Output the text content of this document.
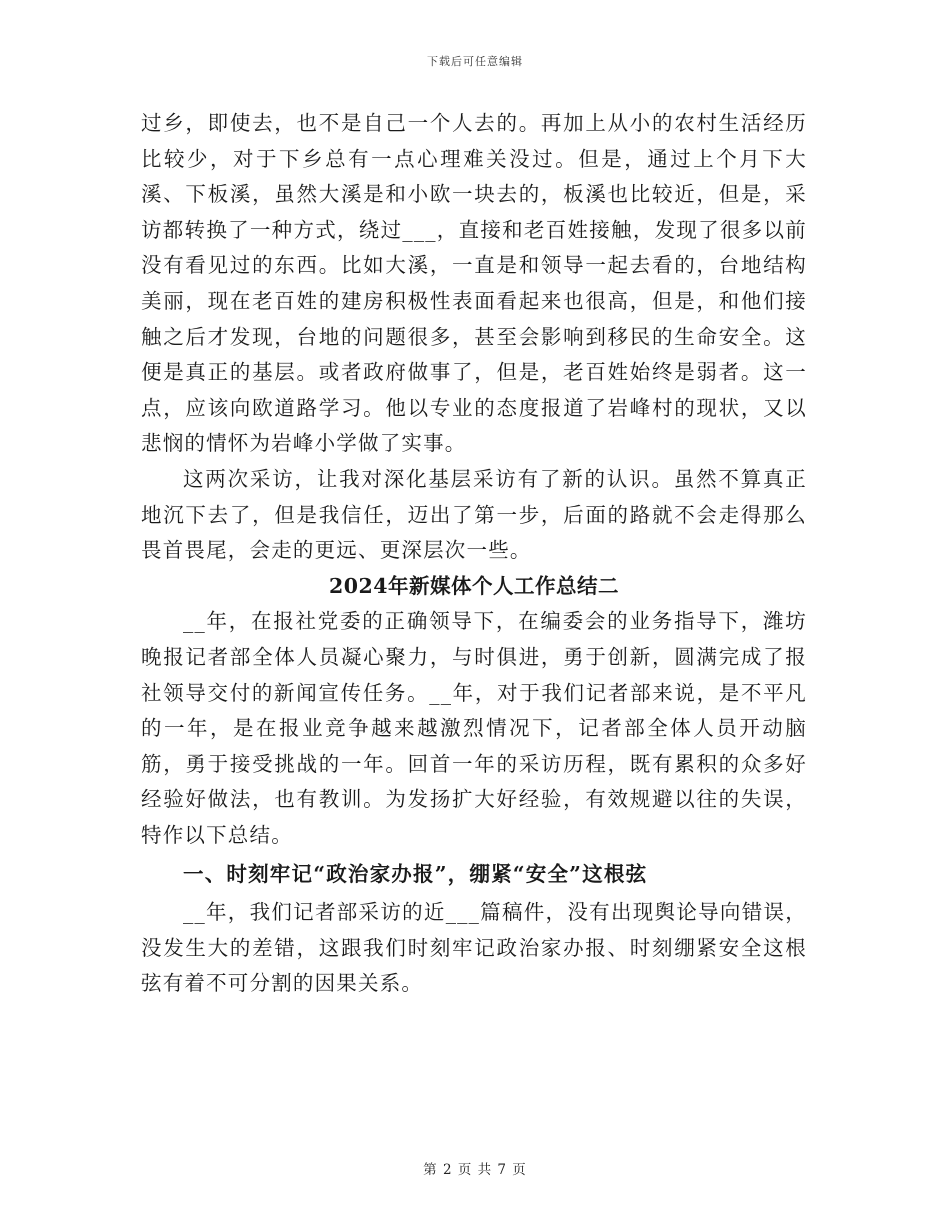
下载后可任意编辑

过乡，即使去，也不是自己一个人去的。再加上从小的农村生活经历比较少，对于下乡总有一点心理难关没过。但是，通过上个月下大溪、下板溪，虽然大溪是和小欧一块去的，板溪也比较近，但是，采访都转换了一种方式，绕过___，直接和老百姓接触，发现了很多以前没有看见过的东西。比如大溪，一直是和领导一起去看的，台地结构美丽，现在老百姓的建房积极性表面看起来也很高，但是，和他们接触之后才发现，台地的问题很多，甚至会影响到移民的生命安全。这便是真正的基层。或者政府做事了，但是，老百姓始终是弱者。这一点，应该向欧道路学习。他以专业的态度报道了岩峰村的现状，又以悲悯的情怀为岩峰小学做了实事。

这两次采访，让我对深化基层采访有了新的认识。虽然不算真正地沉下去了，但是我信任，迈出了第一步，后面的路就不会走得那么畏首畏尾，会走的更远、更深层次一些。

2024年新媒体个人工作总结二

__年，在报社党委的正确领导下，在编委会的业务指导下，潍坊晚报记者部全体人员凝心聚力，与时俱进，勇于创新，圆满完成了报社领导交付的新闻宣传任务。__年，对于我们记者部来说，是不平凡的一年，是在报业竞争越来越激烈情况下，记者部全体人员开动脑筋，勇于接受挑战的一年。回首一年的采访历程，既有累积的众多好经验好做法，也有教训。为发扬扩大好经验，有效规避以往的失误，特作以下总结。

一、时刻牢记“政治家办报”，绷紧“安全”这根弦

__年，我们记者部采访的近___篇稿件，没有出现舆论导向错误，没发生大的差错，这跟我们时刻牢记政治家办报、时刻绷紧安全这根弦有着不可分割的因果关系。

第 2 页 共 7 页
